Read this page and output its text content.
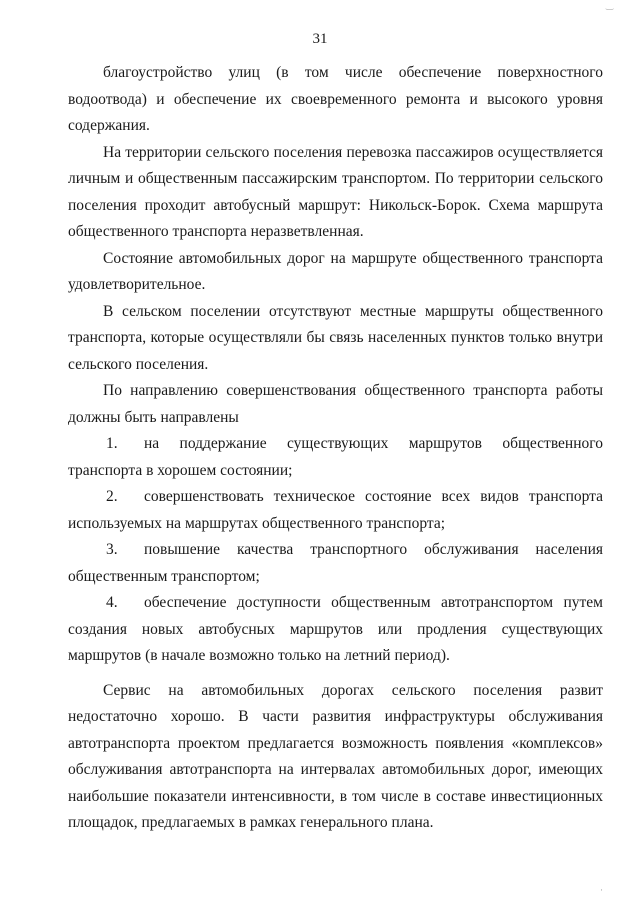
31

благоустройство улиц (в том числе обеспечение поверхностного водоотвода) и обеспечение их своевременного ремонта и высокого уровня содержания.

На территории сельского поселения перевозка пассажиров осуществляется личным и общественным пассажирским транспортом. По территории сельского поселения проходит автобусный маршрут: Никольск-Борок. Схема маршрута общественного транспорта неразветвленная.

Состояние автомобильных дорог на маршруте общественного транспорта удовлетворительное.

В сельском поселении отсутствуют местные маршруты общественного транспорта, которые осуществляли бы связь населенных пунктов только внутри сельского поселения.

По направлению совершенствования общественного транспорта работы должны быть направлены

1. на поддержание существующих маршрутов общественного транспорта в хорошем состоянии;

2. совершенствовать техническое состояние всех видов транспорта используемых на маршрутах общественного транспорта;

3. повышение качества транспортного обслуживания населения общественным транспортом;

4. обеспечение доступности общественным автотранспортом путем создания новых автобусных маршрутов или продления существующих маршрутов (в начале возможно только на летний период).

Сервис на автомобильных дорогах сельского поселения развит недостаточно хорошо. В части развития инфраструктуры обслуживания автотранспорта проектом предлагается возможность появления «комплексов» обслуживания автотранспорта на интервалах автомобильных дорог, имеющих наибольшие показатели интенсивности, в том числе в составе инвестиционных площадок, предлагаемых в рамках генерального плана.

‿
·
